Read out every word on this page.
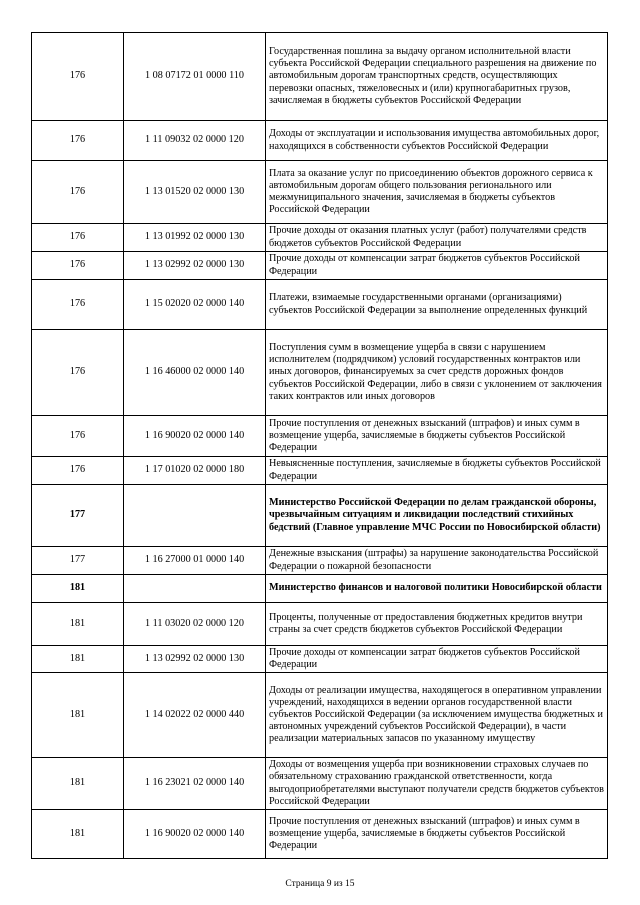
176	1 08 07172 01 0000 110	Государственная пошлина за выдачу органом исполнительной власти субъекта Российской Федерации специального разрешения на движение по автомобильным дорогам транспортных средств, осуществляющих перевозки опасных, тяжеловесных и (или) крупногабаритных грузов, зачисляемая в бюджеты субъектов Российской Федерации
176	1 11 09032 02 0000 120	Доходы от эксплуатации и использования имущества автомобильных дорог, находящихся в собственности субъектов Российской Федерации
176	1 13 01520 02 0000 130	Плата за оказание услуг по присоединению объектов дорожного сервиса к автомобильным дорогам общего пользования регионального или межмуниципального значения, зачисляемая в бюджеты субъектов Российской Федерации
176	1 13 01992 02 0000 130	Прочие доходы от оказания платных услуг (работ) получателями средств бюджетов субъектов Российской Федерации
176	1 13 02992 02 0000 130	Прочие доходы от компенсации затрат бюджетов субъектов Российской Федерации
176	1 15 02020 02 0000 140	Платежи, взимаемые государственными органами (организациями) субъектов Российской Федерации за выполнение определенных функций
176	1 16 46000 02 0000 140	Поступления сумм в возмещение ущерба в связи с нарушением исполнителем (подрядчиком) условий государственных контрактов или иных договоров, финансируемых за счет средств дорожных фондов субъектов Российской Федерации, либо в связи с уклонением от заключения таких контрактов или иных договоров
176	1 16 90020 02 0000 140	Прочие поступления от денежных взысканий (штрафов) и иных сумм в возмещение ущерба, зачисляемые в бюджеты субъектов Российской Федерации
176	1 17 01020 02 0000 180	Невыясненные поступления, зачисляемые в бюджеты субъектов Российской Федерации
177		Министерство Российской Федерации по делам гражданской обороны, чрезвычайным ситуациям и ликвидации последствий стихийных бедствий (Главное управление МЧС России по Новосибирской области)
177	1 16 27000 01 0000 140	Денежные взыскания (штрафы) за нарушение законодательства Российской Федерации о пожарной безопасности
181		Министерство финансов и налоговой политики Новосибирской области
181	1 11 03020 02 0000 120	Проценты, полученные от предоставления бюджетных кредитов внутри страны за счет средств бюджетов субъектов Российской Федерации
181	1 13 02992 02 0000 130	Прочие доходы от компенсации затрат бюджетов субъектов Российской Федерации
181	1 14 02022 02 0000 440	Доходы от реализации имущества, находящегося в оперативном управлении учреждений, находящихся в ведении органов государственной власти субъектов Российской Федерации (за исключением имущества бюджетных и автономных учреждений субъектов Российской Федерации), в части реализации материальных запасов по указанному имуществу
181	1 16 23021 02 0000 140	Доходы от возмещения ущерба при возникновении страховых случаев по обязательному страхованию гражданской ответственности, когда выгодоприобретателями выступают получатели средств бюджетов субъектов Российской Федерации
181	1 16 90020 02 0000 140	Прочие поступления от денежных взысканий (штрафов) и иных сумм в возмещение ущерба, зачисляемые в бюджеты субъектов Российской Федерации
Страница 9 из 15
